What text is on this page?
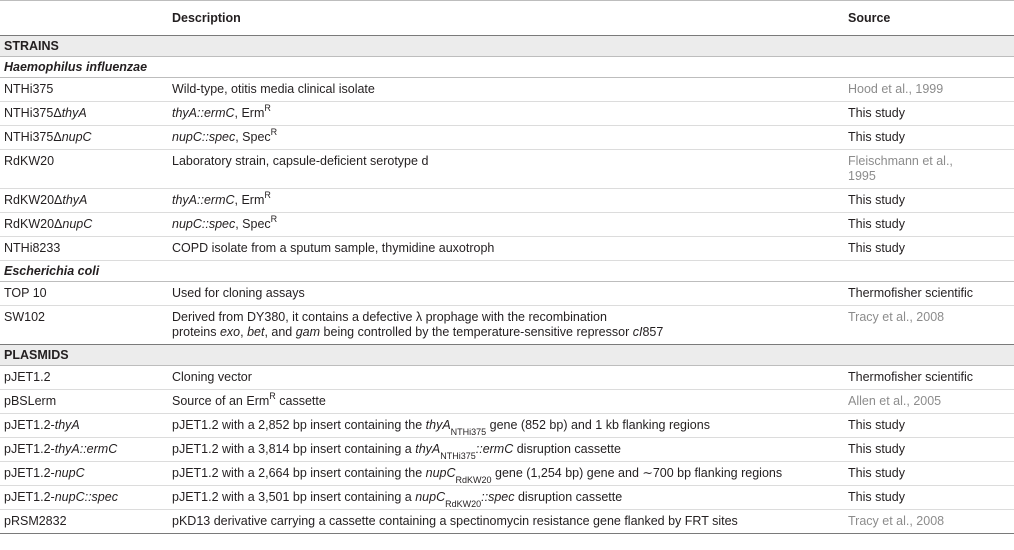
	Description	Source
STRAINS		
Haemophilus influenzae		
NTHi375	Wild-type, otitis media clinical isolate	Hood et al., 1999
NTHi375ΔthyA	thyA::ermC, Erm$^R$	This study
NTHi375ΔnupC	nupC::spec, Spec$^R$	This study
RdKW20	Laboratory strain, capsule-deficient serotype d	Fleischmann et al.,
1995
RdKW20ΔthyA	thyA::ermC, Erm$^R$	This study
RdKW20ΔnupC	nupC::spec, Spec$^R$	This study
NTHi8233	COPD isolate from a sputum sample, thymidine auxotroph	This study
Escherichia coli		
TOP 10	Used for cloning assays	Thermofisher scientific
SW102	Derived from DY380, it contains a defective λ prophage with the recombination
proteins exo, bet, and gam being controlled by the temperature-sensitive repressor cI857	Tracy et al., 2008
PLASMIDS		
pJET1.2	Cloning vector	Thermofisher scientific
pBSLerm	Source of an Erm$^R$ cassette	Allen et al., 2005
pJET1.2-thyA	pJET1.2 with a 2,852 bp insert containing the thyA$_{NTHi375}$ gene (852 bp) and 1 kb flanking regions	This study
pJET1.2-thyA::ermC	pJET1.2 with a 3,814 bp insert containing a thyA$_{NTHi375}$::ermC disruption cassette	This study
pJET1.2-nupC	pJET1.2 with a 2,664 bp insert containing the nupC$_{RdKW20}$ gene (1,254 bp) gene and ∼700 bp flanking regions	This study
pJET1.2-nupC::spec	pJET1.2 with a 3,501 bp insert containing a nupC$_{RdKW20}$::spec disruption cassette	This study
pRSM2832	pKD13 derivative carrying a cassette containing a spectinomycin resistance gene flanked by FRT sites	Tracy et al., 2008
